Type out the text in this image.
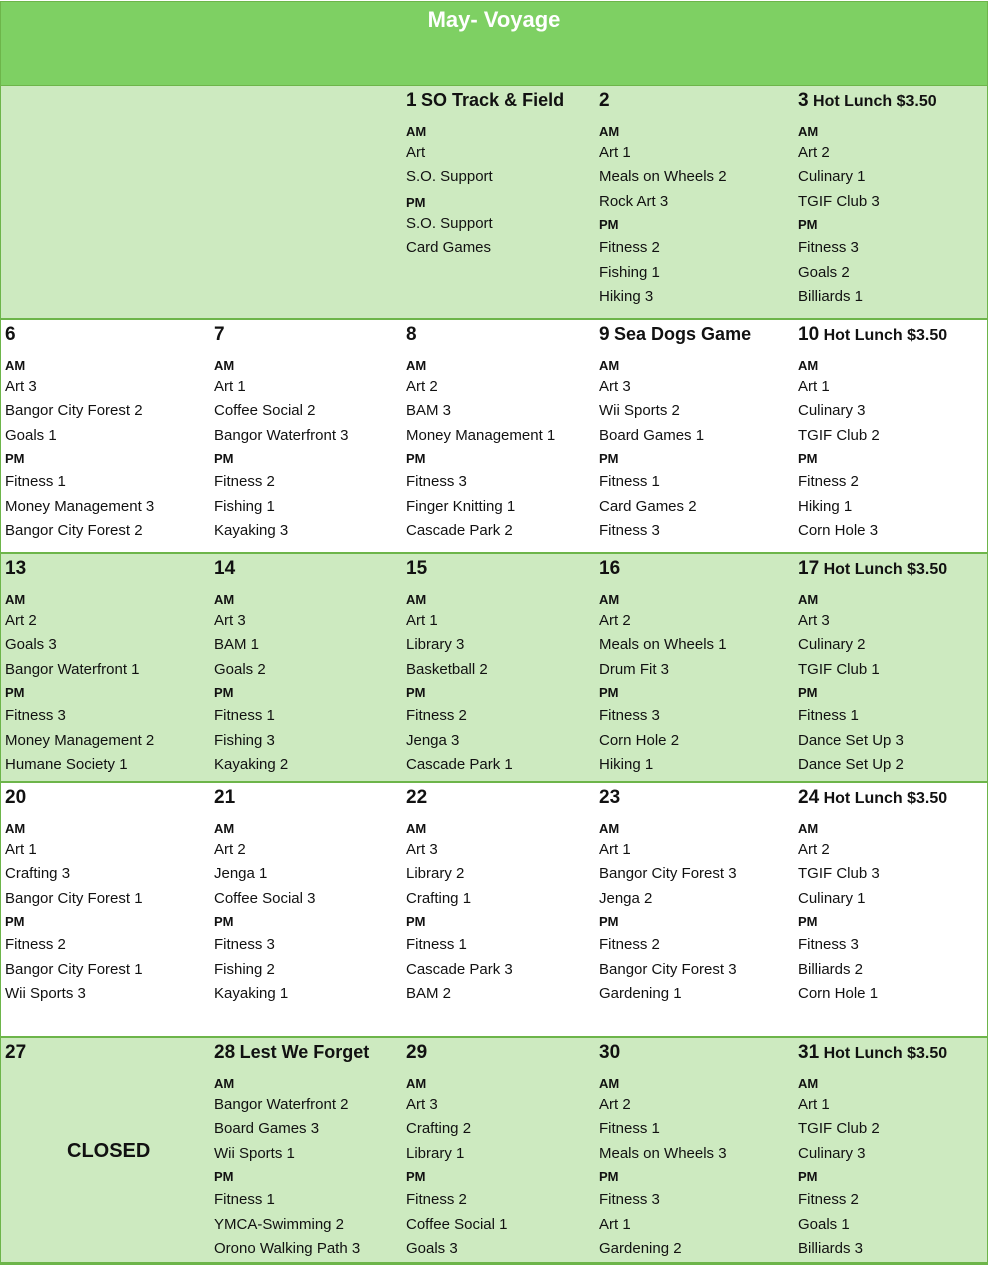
May- Voyage
1 SO Track & Field
AM
Art
S.O. Support
PM
S.O. Support
Card Games
2
AM
Art 1
Meals on Wheels 2
Rock Art 3
PM
Fitness 2
Fishing 1
Hiking 3
3 Hot Lunch $3.50
AM
Art 2
Culinary 1
TGIF Club 3
PM
Fitness 3
Goals 2
Billiards 1
6
AM
Art 3
Bangor City Forest 2
Goals 1
PM
Fitness 1
Money Management 3
Bangor City Forest 2
7
AM
Art 1
Coffee Social 2
Bangor Waterfront 3
PM
Fitness 2
Fishing 1
Kayaking 3
8
AM
Art 2
BAM 3
Money Management 1
PM
Fitness 3
Finger Knitting 1
Cascade Park 2
9 Sea Dogs Game
AM
Art 3
Wii Sports 2
Board Games 1
PM
Fitness 1
Card Games 2
Fitness 3
10 Hot Lunch $3.50
AM
Art 1
Culinary 3
TGIF Club 2
PM
Fitness 2
Hiking 1
Corn Hole 3
13
AM
Art 2
Goals 3
Bangor Waterfront 1
PM
Fitness 3
Money Management 2
Humane Society 1
14
AM
Art 3
BAM 1
Goals 2
PM
Fitness 1
Fishing 3
Kayaking 2
15
AM
Art 1
Library 3
Basketball 2
PM
Fitness 2
Jenga 3
Cascade Park 1
16
AM
Art 2
Meals on Wheels 1
Drum Fit 3
PM
Fitness 3
Corn Hole 2
Hiking 1
17 Hot Lunch $3.50
AM
Art 3
Culinary 2
TGIF Club 1
PM
Fitness 1
Dance Set Up 3
Dance Set Up 2
20
AM
Art 1
Crafting 3
Bangor City Forest 1
PM
Fitness 2
Bangor City Forest 1
Wii Sports 3
21
AM
Art 2
Jenga 1
Coffee Social 3
PM
Fitness 3
Fishing 2
Kayaking 1
22
AM
Art 3
Library 2
Crafting 1
PM
Fitness 1
Cascade Park 3
BAM 2
23
AM
Art 1
Bangor City Forest 3
Jenga 2
PM
Fitness 2
Bangor City Forest 3
Gardening 1
24 Hot Lunch $3.50
AM
Art 2
TGIF Club 3
Culinary 1
PM
Fitness 3
Billiards 2
Corn Hole 1
27
CLOSED
28 Lest We Forget
AM
Bangor Waterfront 2
Board Games 3
Wii Sports 1
PM
Fitness 1
YMCA-Swimming 2
Orono Walking Path 3
29
AM
Art 3
Crafting 2
Library 1
PM
Fitness 2
Coffee Social 1
Goals 3
30
AM
Art 2
Fitness 1
Meals on Wheels 3
PM
Fitness 3
Art 1
Gardening 2
31 Hot Lunch $3.50
AM
Art 1
TGIF Club 2
Culinary 3
PM
Fitness 2
Goals 1
Billiards 3
